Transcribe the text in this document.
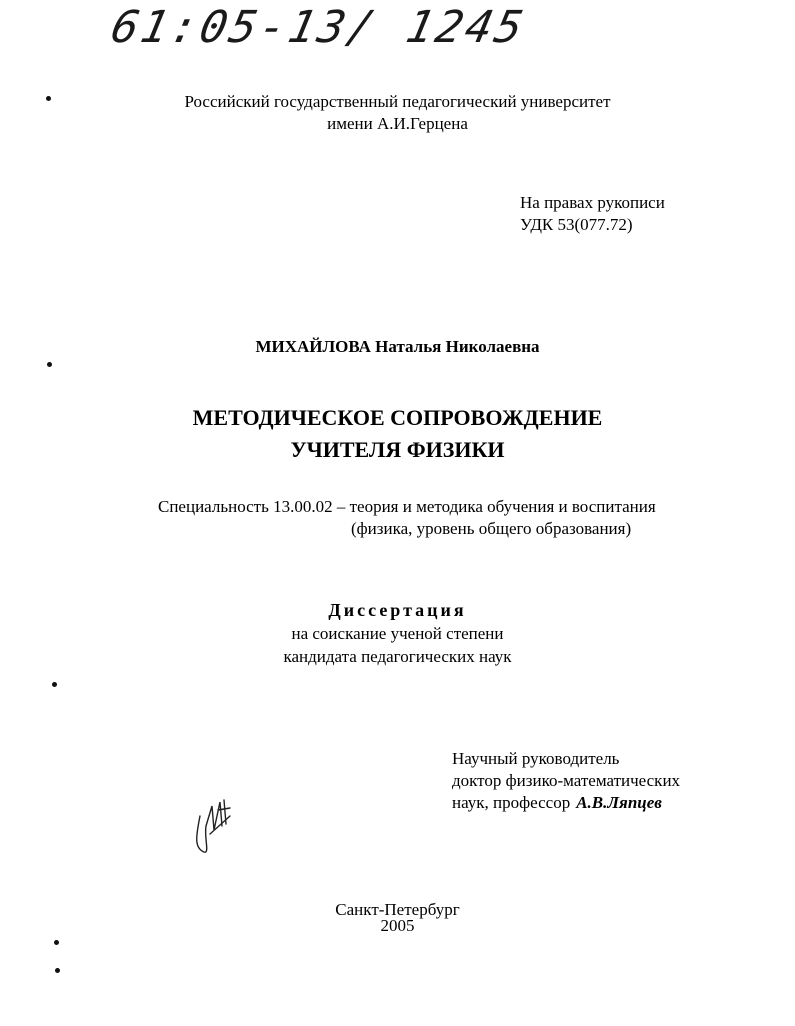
61:05-13/ 1245
Российский государственный педагогический университет
имени А.И.Герцена
На правах рукописи
УДК 53(077.72)
МИХАЙЛОВА Наталья Николаевна
МЕТОДИЧЕСКОЕ СОПРОВОЖДЕНИЕ
УЧИТЕЛЯ ФИЗИКИ
Специальность 13.00.02 – теория и методика обучения и воспитания
(физика, уровень общего образования)
Диссертация
на соискание ученой степени
кандидата педагогических наук
Научный руководитель
доктор физико-математических
наук, профессор А.В.Ляпцев
Санкт-Петербург
2005
